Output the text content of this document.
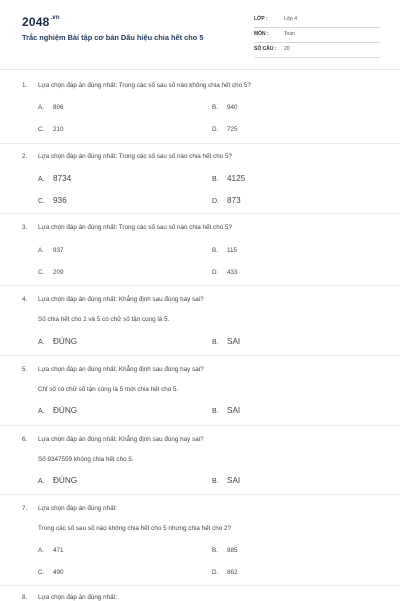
$2048^{.vn}$
Trắc nghiệm Bài tập cơ bản Dấu hiệu chia hết cho 5
LỚP :	Lớp 4
MÔN :	Toán
SỐ CÂU : 20
1. Lựa chọn đáp án đúng nhất: Trong các số sau số nào không chia hết cho 5?
A. 806	B. 940
C. 210	D. 725
2. Lựa chọn đáp án đúng nhất: Trong các số sau số nào chia hết cho 5?
A. 8734	B. 4125
C. 936	D. 873
3. Lựa chọn đáp án đúng nhất: Trong các số sau số nào chia hết cho 5?
A. 937	B. 115
C. 209	D. 433
4. Lựa chọn đáp án đúng nhất: Khẳng định sau đúng hay sai?
Số chia hết cho 2 và 5 có chữ số tận cùng là 5.
A. ĐÚNG	B. SAI
5. Lựa chọn đáp án đúng nhất: Khẳng định sau đúng hay sai?
Chỉ số có chữ số tận cùng là 5 mới chia hết cho 5.
A. ĐÚNG	B. SAI
6. Lựa chọn đáp án đúng nhất: Khẳng định sau đúng hay sai?
Số 9347559 không chia hết cho 5.
A. ĐÚNG	B. SAI
7. Lựa chọn đáp án đúng nhất:
Trong các số sau số nào không chia hết cho 5 nhưng chia hết cho 2?
A. 471	B. 985
C. 490	D. 862
8. Lựa chọn đáp án đúng nhất:
